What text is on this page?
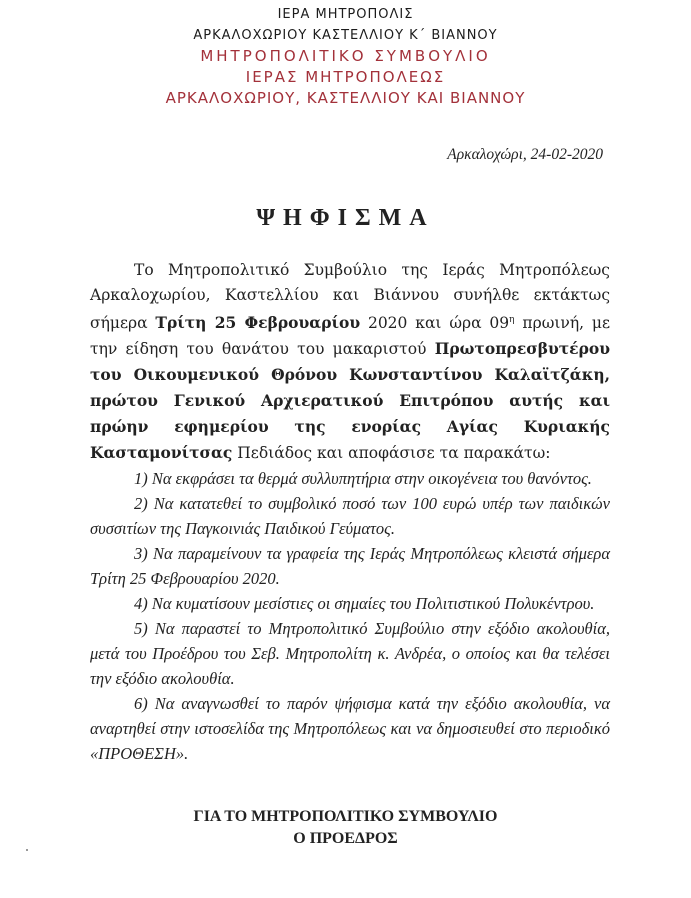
ΙΕΡΑ ΜΗΤΡΟΠΟΛΙΣ
ΑΡΚΑΛΟΧΩΡΙΟΥ ΚΑΣΤΕΛΛΙΟΥ Κ΄ ΒΙΑΝΝΟΥ
ΜΗΤΡΟΠΟΛΙΤΙΚΟ ΣΥΜΒΟΥΛΙΟ
ΙΕΡΑΣ ΜΗΤΡΟΠΟΛΕΩΣ
ΑΡΚΑΛΟΧΩΡΙΟΥ, ΚΑΣΤΕΛΛΙΟΥ ΚΑΙ ΒΙΑΝΝΟΥ
Αρκαλοχώρι, 24-02-2020
ΨΗΦΙΣΜΑ

Το Μητροπολιτικό Συμβούλιο της Ιεράς Μητροπόλεως Αρκαλοχωρίου, Καστελλίου και Βιάννου συνήλθε εκτάκτως σήμερα Τρίτη 25 Φεβρουαρίου 2020 και ώρα $09^\eta$ πρωινή, με την είδηση του θανάτου του μακαριστού Πρωτοπρεσβυτέρου του Οικουμενικού Θρόνου Κωνσταντίνου Καλαϊτζάκη, πρώτου Γενικού Αρχιερατικού Επιτρόπου αυτής και πρώην εφημερίου της ενορίας Αγίας Κυριακής Κασταμονίτσας Πεδιάδος και αποφάσισε τα παρακάτω:

1) Να εκφράσει τα θερμά συλλυπητήρια στην οικογένεια του θανόντος.

2) Να κατατεθεί το συμβολικό ποσό των 100 ευρώ υπέρ των παιδικών συσσιτίων της Παγκοινιάς Παιδικού Γεύματος.

3) Να παραμείνουν τα γραφεία της Ιεράς Μητροπόλεως κλειστά σήμερα Τρίτη 25 Φεβρουαρίου 2020.

4) Να κυματίσουν μεσίστιες οι σημαίες του Πολιτιστικού Πολυκέντρου.

5) Να παραστεί το Μητροπολιτικό Συμβούλιο στην εξόδιο ακολουθία, μετά του Προέδρου του Σεβ. Μητροπολίτη κ. Ανδρέα, ο οποίος και θα τελέσει την εξόδιο ακολουθία.

6) Να αναγνωσθεί το παρόν ψήφισμα κατά την εξόδιο ακολουθία, να αναρτηθεί στην ιστοσελίδα της Μητροπόλεως και να δημοσιευθεί στο περιοδικό «ΠΡΟΘΕΣΗ».

ΓΙΑ ΤΟ ΜΗΤΡΟΠΟΛΙΤΙΚΟ ΣΥΜΒΟΥΛΙΟ
Ο ΠΡΟΕΔΡΟΣ
